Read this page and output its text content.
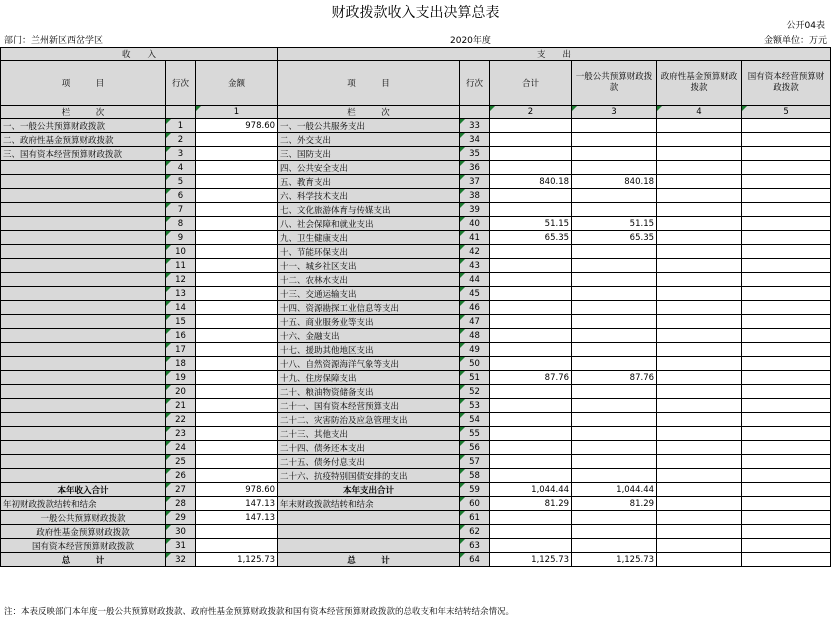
财政拨款收入支出决算总表
公开04表
部门：兰州新区西岔学区	2020年度	金额单位：万元
收　　入			支　　出					
项　　　目	行次	金额	项　　　目	行次	合计	一般公共预算财政拨款	政府性基金预算财政拨款	国有资本经营预算财政拨款
栏　　　次		1	栏　　　次		2	3	4	5
一、一般公共预算财政拨款	1	978.60	一、一般公共服务支出	33				
二、政府性基金预算财政拨款	2		二、外交支出	34				
三、国有资本经营预算财政拨款	3		三、国防支出	35				
	4		四、公共安全支出	36				
	5		五、教育支出	37	840.18	840.18		
	6		六、科学技术支出	38				
	7		七、文化旅游体育与传媒支出	39				
	8		八、社会保障和就业支出	40	51.15	51.15		
	9		九、卫生健康支出	41	65.35	65.35		
	10		十、节能环保支出	42				
	11		十一、城乡社区支出	43				
	12		十二、农林水支出	44				
	13		十三、交通运输支出	45				
	14		十四、资源勘探工业信息等支出	46				
	15		十五、商业服务业等支出	47				
	16		十六、金融支出	48				
	17		十七、援助其他地区支出	49				
	18		十八、自然资源海洋气象等支出	50				
	19		十九、住房保障支出	51	87.76	87.76		
	20		二十、粮油物资储备支出	52				
	21		二十一、国有资本经营预算支出	53				
	22		二十二、灾害防治及应急管理支出	54				
	23		二十三、其他支出	55				
	24		二十四、债务还本支出	56				
	25		二十五、债务付息支出	57				
	26		二十六、抗疫特别国债安排的支出	58				
本年收入合计	27	978.60	本年支出合计	59	1,044.44	1,044.44		
年初财政拨款结转和结余	28	147.13	年末财政拨款结转和结余	60	81.29	81.29		
一般公共预算财政拨款	29	147.13		61				
政府性基金预算财政拨款	30			62				
国有资本经营预算财政拨款	31			63				
总　　　计	32	1,125.73	总　　　计	64	1,125.73	1,125.73		
注：本表反映部门本年度一般公共预算财政拨款、政府性基金预算财政拨款和国有资本经营预算财政拨款的总收支和年末结转结余情况。
